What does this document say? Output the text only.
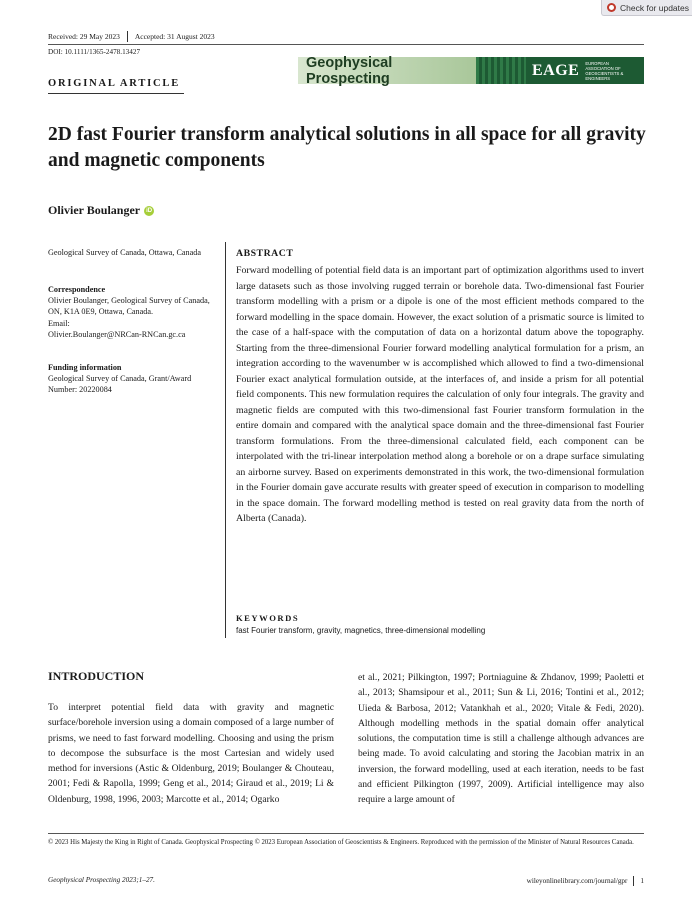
Check for updates
Received: 29 May 2023 Accepted: 31 August 2023
DOI: 10.1111/1365-2478.13427
Geophysical Prospecting	EAGE EUROPEAN ASSOCIATION OF GEOSCIENTISTS & ENGINEERS
ORIGINAL ARTICLE
2D fast Fourier transform analytical solutions in all space for all gravity and magnetic components
Olivier Boulanger	iD
Geological Survey of Canada, Ottawa, Canada
Correspondence
Olivier Boulanger, Geological Survey of Canada, ON, K1A 0E9, Ottawa, Canada.
Email:
Olivier.Boulanger@NRCan-RNCan.gc.ca
Funding information
Geological Survey of Canada, Grant/Award Number: 20220084
ABSTRACT
Forward modelling of potential field data is an important part of optimization algorithms used to invert large datasets such as those involving rugged terrain or borehole data. Two-dimensional fast Fourier transform modelling with a prism or a dipole is one of the most efficient methods compared to the forward modelling in the space domain. However, the exact solution of a prismatic source is limited to the case of a half-space with the computation of data on a horizontal datum above the topography. Starting from the three-dimensional Fourier forward modelling analytical formulation for a prism, an integration according to the wavenumber w is accomplished which allowed to find a two-dimensional Fourier exact analytical formulation outside, at the interfaces of, and inside a prism for all potential field components. This new formulation requires the calculation of only four integrals. The gravity and magnetic fields are computed with this two-dimensional fast Fourier transform formulation in the entire domain and compared with the analytical space domain and the three-dimensional fast Fourier transform formulations. From the three-dimensional calculated field, each component can be interpolated with the tri-linear interpolation method along a borehole or on a drape surface simulating an airborne survey. Based on experiments demonstrated in this work, the two-dimensional formulation in the Fourier domain gave accurate results with greater speed of execution in comparison to modelling in the space domain. The forward modelling method is tested on real gravity data from the north of Alberta (Canada).
KEYWORDS
fast Fourier transform, gravity, magnetics, three-dimensional modelling
INTRODUCTION
To interpret potential field data with gravity and magnetic surface/borehole inversion using a domain composed of a large number of prisms, we need to fast forward modelling. Choosing and using the prism to decompose the subsurface is the most Cartesian and widely used method for inversions (Astic & Oldenburg, 2019; Boulanger & Chouteau, 2001; Fedi & Rapolla, 1999; Geng et al., 2014; Giraud et al., 2019; Li & Oldenburg, 1998, 1996, 2003; Marcotte et al., 2014; Ogarko
et al., 2021; Pilkington, 1997; Portniaguine & Zhdanov, 1999; Paoletti et al., 2013; Shamsipour et al., 2011; Sun & Li, 2016; Tontini et al., 2012; Uieda & Barbosa, 2012; Vatankhah et al., 2020; Vitale & Fedi, 2020). Although modelling methods in the spatial domain offer analytical solutions, the computation time is still a challenge although advances are being made. To avoid calculating and storing the Jacobian matrix in an inversion, the forward modelling, used at each iteration, needs to be fast and efficient Pilkington (1997, 2009). Artificial intelligence may also require a large amount of
© 2023 His Majesty the King in Right of Canada. Geophysical Prospecting © 2023 European Association of Geoscientists & Engineers. Reproduced with the permission of the Minister of Natural Resources Canada.
Geophysical Prospecting 2023;1–27.	wileyonlinelibrary.com/journal/gpr 1
